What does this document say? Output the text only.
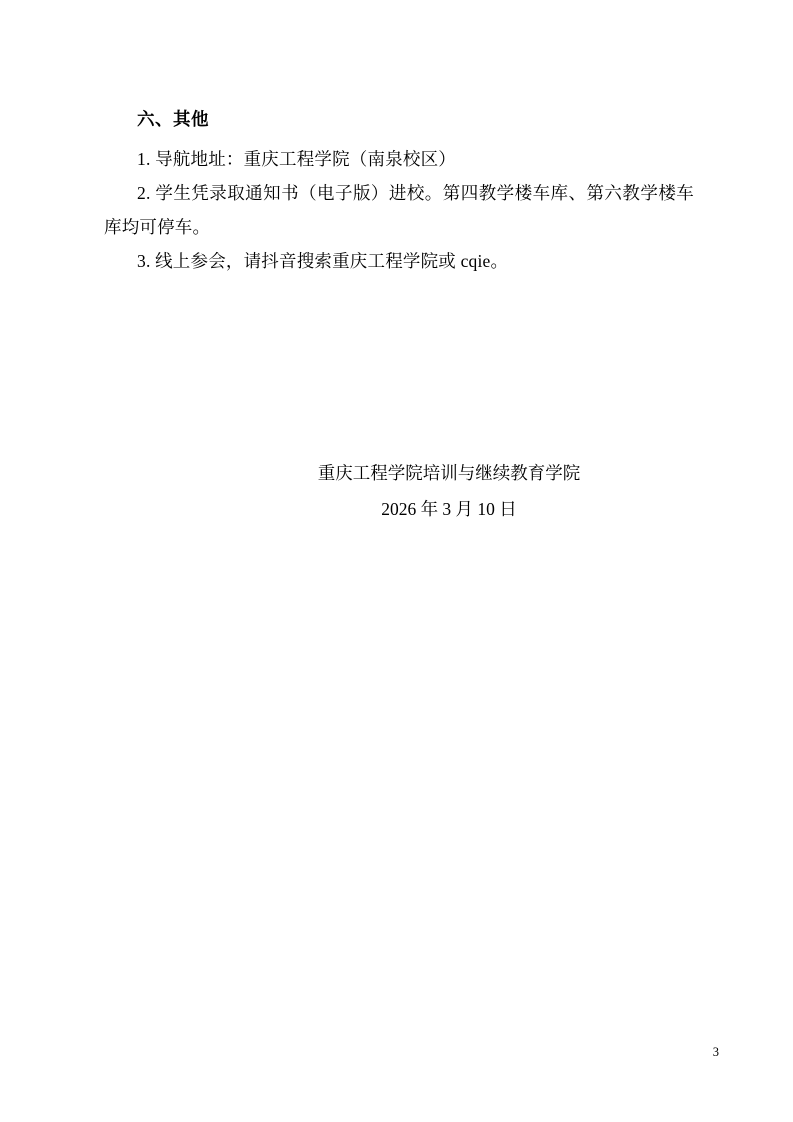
六、其他

1. 导航地址：重庆工程学院（南泉校区）

2. 学生凭录取通知书（电子版）进校。第四教学楼车库、第六教学楼车库均可停车。

3. 线上参会，请抖音搜索重庆工程学院或 cqie。

重庆工程学院培训与继续教育学院

2026 年 3 月 10 日

3
